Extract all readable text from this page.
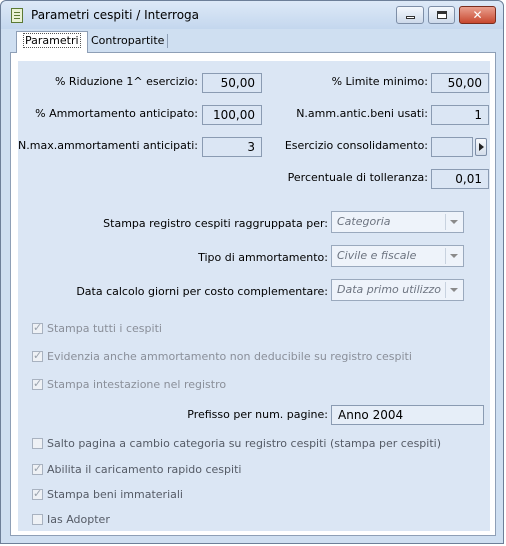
Parametri cespiti / Interroga	✕
Parametri	Contropartite
% Riduzione 1^ esercizio:	50,00	% Limite minimo:	50,00
% Ammortamento anticipato:	100,00	N.amm.antic.beni usati:	1
N.max.ammortamenti anticipati:	3	Esercizio consolidamento:
Percentuale di tolleranza:	0,01
Stampa registro cespiti raggruppata per: Categoria
Tipo di ammortamento: Civile e fiscale
Data calcolo giorni per costo complementare: Data primo utilizzo
✓
Stampa tutti i cespiti
✓
Evidenzia anche ammortamento non deducibile su registro cespiti
✓
Stampa intestazione nel registro
Prefisso per num. pagine: Anno 2004
Salto pagina a cambio categoria su registro cespiti (stampa per cespiti)
✓
Abilita il caricamento rapido cespiti
✓
Stampa beni immateriali
Ias Adopter
